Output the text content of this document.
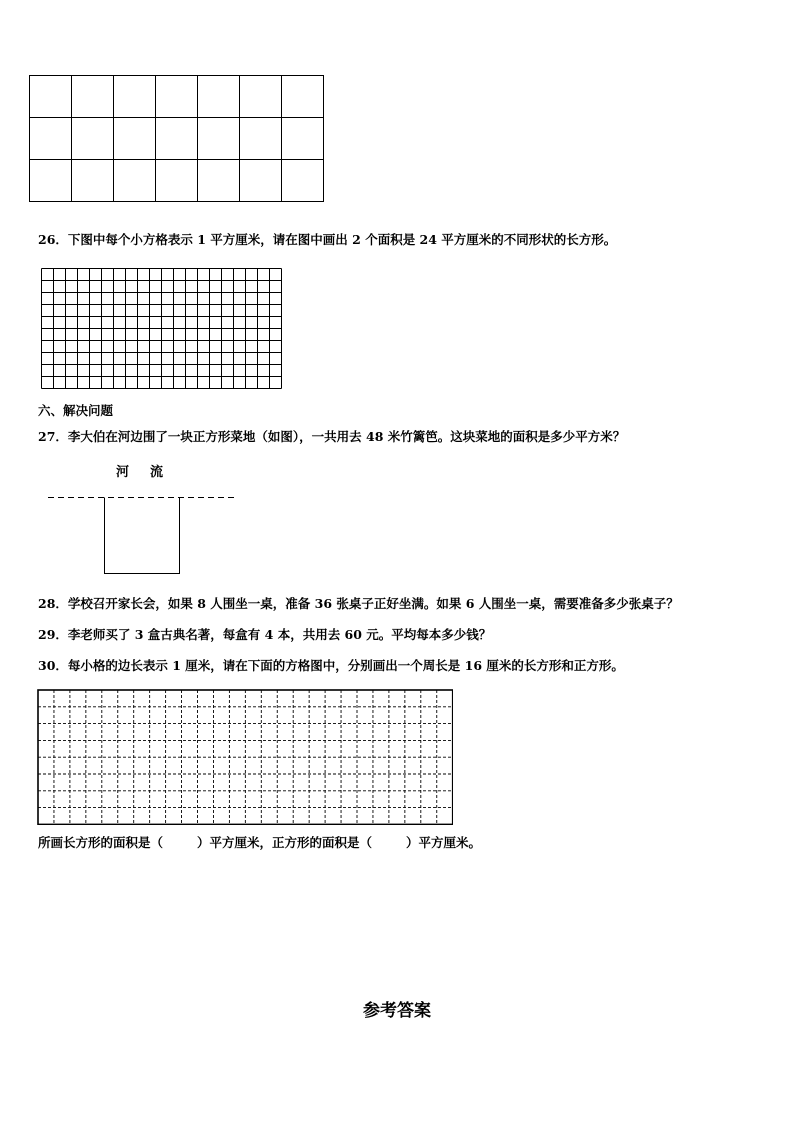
26．下图中每个小方格表示 1 平方厘米，请在图中画出 2 个面积是 24 平方厘米的不同形状的长方形。
六、解决问题
27．李大伯在河边围了一块正方形菜地（如图），一共用去 48 米竹篱笆。这块菜地的面积是多少平方米？
河 流
28．学校召开家长会，如果 8 人围坐一桌，准备 36 张桌子正好坐满。如果 6 人围坐一桌，需要准备多少张桌子？
29．李老师买了 3 盒古典名著，每盒有 4 本，共用去 60 元。平均每本多少钱？
30．每小格的边长表示 1 厘米，请在下面的方格图中，分别画出一个周长是 16 厘米的长方形和正方形。
所画长方形的面积是（	）平方厘米，正方形的面积是（	）平方厘米。
参考答案
